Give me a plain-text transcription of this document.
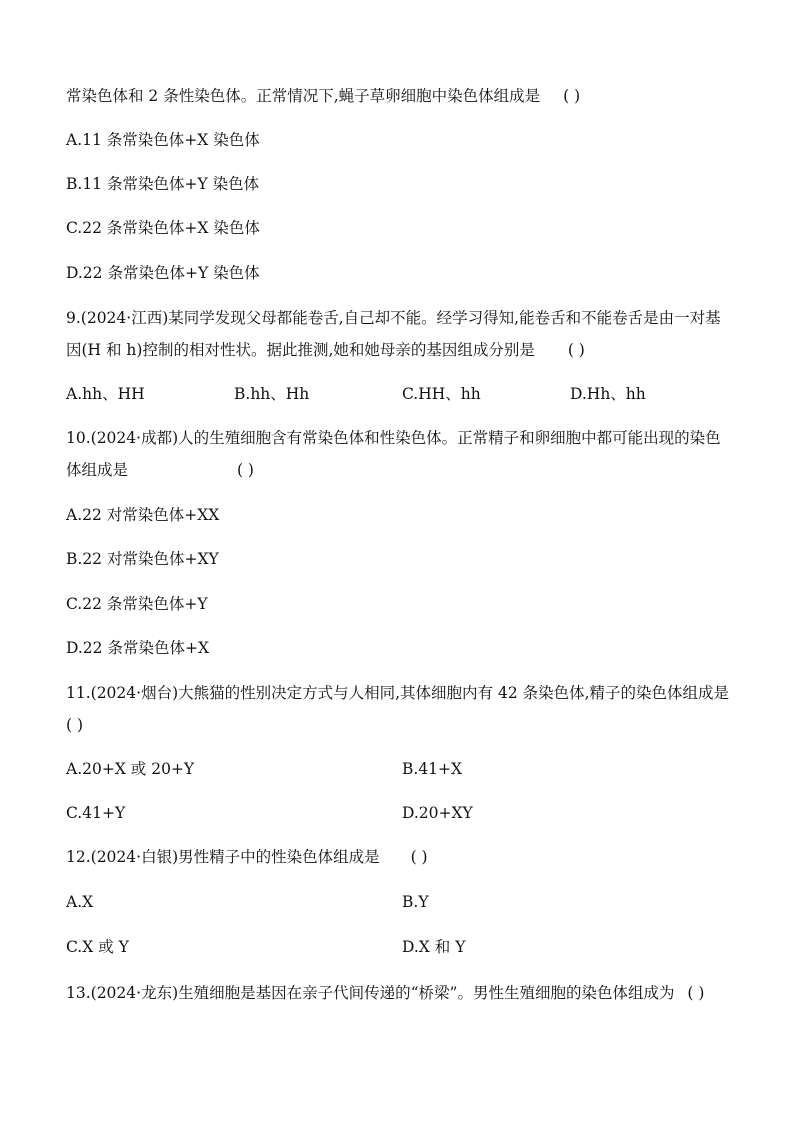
常染色体和 2 条性染色体。正常情况下,蝇子草卵细胞中染色体组成是 ( )
A.11 条常染色体+X 染色体
B.11 条常染色体+Y 染色体
C.22 条常染色体+X 染色体
D.22 条常染色体+Y 染色体
9.(2024·江西)某同学发现父母都能卷舌,自己却不能。经学习得知,能卷舌和不能卷舌是由一对基
因(H 和 h)控制的相对性状。据此推测,她和她母亲的基因组成分别是 ( )
A.hh、HH	B.hh、Hh	C.HH、hh	D.Hh、hh
10.(2024·成都)人的生殖细胞含有常染色体和性染色体。正常精子和卵细胞中都可能出现的染色
体组成是	( )
A.22 对常染色体+XX
B.22 对常染色体+XY
C.22 条常染色体+Y
D.22 条常染色体+X
11.(2024·烟台)大熊猫的性别决定方式与人相同,其体细胞内有 42 条染色体,精子的染色体组成是
( )
A.20+X 或 20+Y	B.41+X
C.41+Y	D.20+XY
12.(2024·白银)男性精子中的性染色体组成是 ( )
A.X	B.Y
C.X 或 Y	D.X 和 Y
13.(2024·龙东)生殖细胞是基因在亲子代间传递的“桥梁”。男性生殖细胞的染色体组成为 ( )
